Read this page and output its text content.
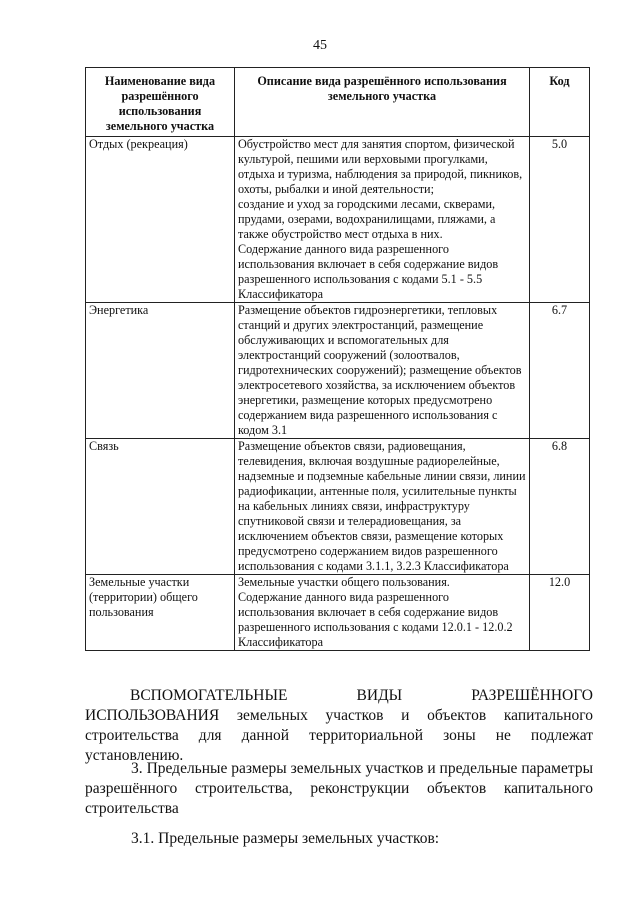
45
Наименование вида разрешённого использования земельного участка	Описание вида разрешённого использования земельного участка	Код
Отдых (рекреация)	Обустройство мест для занятия спортом, физической культурой, пешими или верховыми прогулками, отдыха и туризма, наблюдения за природой, пикников, охоты, рыбалки и иной деятельности;
создание и уход за городскими лесами, скверами, прудами, озерами, водохранилищами, пляжами, а также обустройство мест отдыха в них.
Содержание данного вида разрешенного использования включает в себя содержание видов разрешенного использования с кодами 5.1 - 5.5 Классификатора	5.0
Энергетика	Размещение объектов гидроэнергетики, тепловых станций и других электростанций, размещение обслуживающих и вспомогательных для электростанций сооружений (золоотвалов, гидротехнических сооружений); размещение объектов электросетевого хозяйства, за исключением объектов энергетики, размещение которых предусмотрено содержанием вида разрешенного использования с кодом 3.1	6.7
Связь	Размещение объектов связи, радиовещания, телевидения, включая воздушные радиорелейные, надземные и подземные кабельные линии связи, линии радиофикации, антенные поля, усилительные пункты на кабельных линиях связи, инфраструктуру спутниковой связи и телерадиовещания, за исключением объектов связи, размещение которых предусмотрено содержанием видов разрешенного использования с кодами 3.1.1, 3.2.3 Классификатора	6.8
Земельные участки (территории) общего пользования	Земельные участки общего пользования.
Содержание данного вида разрешенного использования включает в себя содержание видов разрешенного использования с кодами 12.0.1 - 12.0.2 Классификатора	12.0
ВСПОМОГАТЕЛЬНЫЕ	ВИДЫ	РАЗРЕШЁННОГО
ИСПОЛЬЗОВАНИЯ земельных участков и объектов капитального строительства для данной территориальной зоны не подлежат установлению.
3. Предельные размеры земельных участков и предельные параметры разрешённого строительства, реконструкции объектов капитального строительства
3.1. Предельные размеры земельных участков:
